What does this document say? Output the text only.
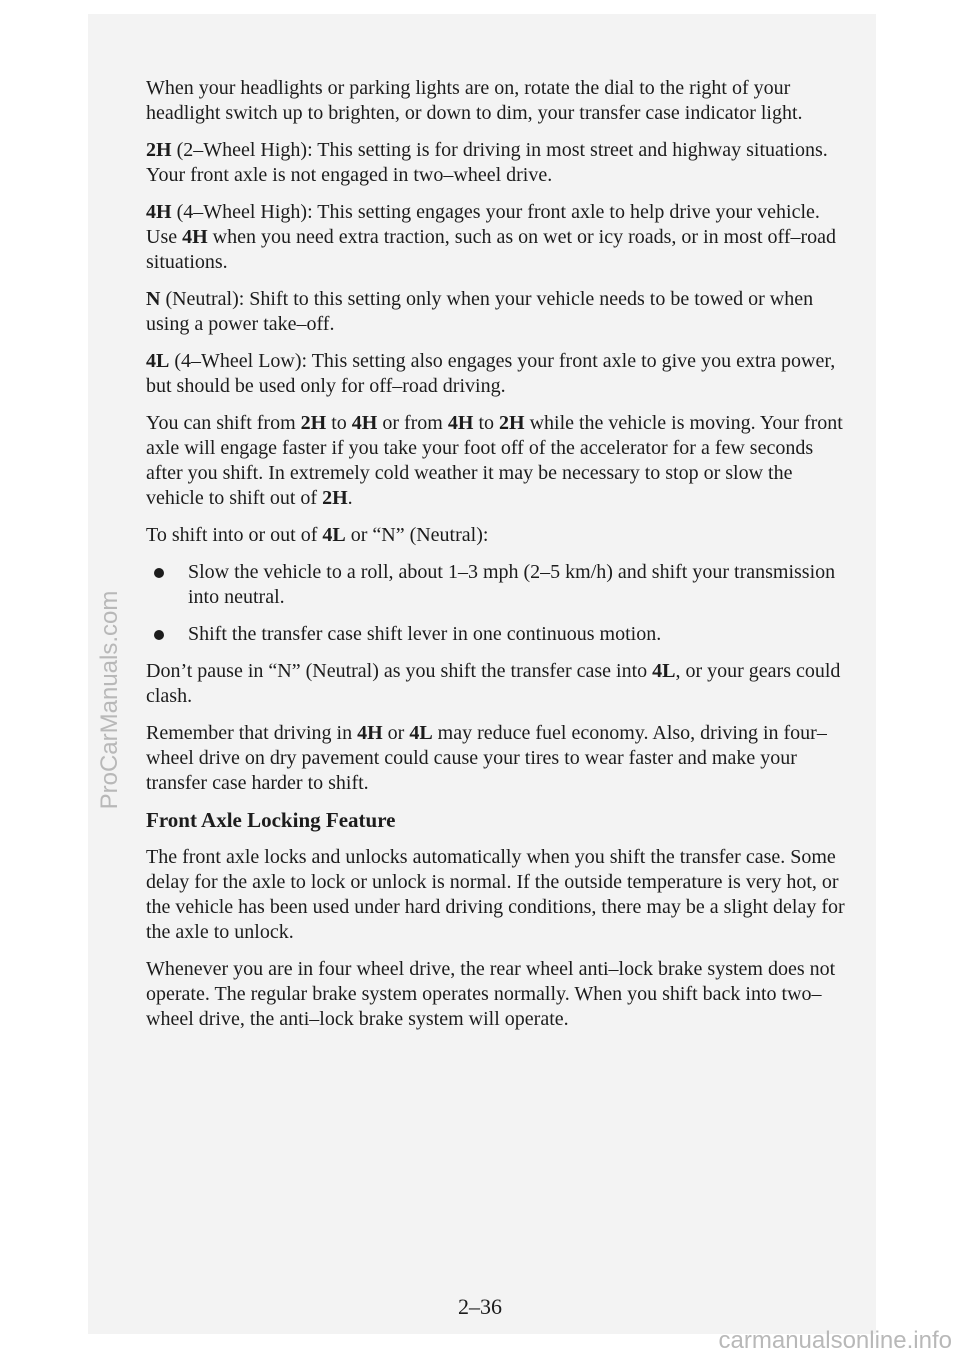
When your headlights or parking lights are on, rotate the dial to the right of your headlight switch up to brighten, or down to dim, your transfer case indicator light.

2H (2–Wheel High): This setting is for driving in most street and highway situations. Your front axle is not engaged in two–wheel drive.

4H (4–Wheel High): This setting engages your front axle to help drive your vehicle. Use 4H when you need extra traction, such as on wet or icy roads, or in most off–road situations.

N (Neutral): Shift to this setting only when your vehicle needs to be towed or when using a power take–off.

4L (4–Wheel Low): This setting also engages your front axle to give you extra power, but should be used only for off–road driving.

You can shift from 2H to 4H or from 4H to 2H while the vehicle is moving. Your front axle will engage faster if you take your foot off of the accelerator for a few seconds after you shift. In extremely cold weather it may be necessary to stop or slow the vehicle to shift out of 2H.

To shift into or out of 4L or “N” (Neutral):

Slow the vehicle to a roll, about 1–3 mph (2–5 km/h) and shift your transmission into neutral.
Shift the transfer case shift lever in one continuous motion.

Don’t pause in “N” (Neutral) as you shift the transfer case into 4L, or your gears could clash.

Remember that driving in 4H or 4L may reduce fuel economy. Also, driving in four–wheel drive on dry pavement could cause your tires to wear faster and make your transfer case harder to shift.

Front Axle Locking Feature

The front axle locks and unlocks automatically when you shift the transfer case. Some delay for the axle to lock or unlock is normal. If the outside temperature is very hot, or the vehicle has been used under hard driving conditions, there may be a slight delay for the axle to unlock.

Whenever you are in four wheel drive, the rear wheel anti–lock brake system does not operate. The regular brake system operates normally. When you shift back into two–wheel drive, the anti–lock brake system will operate.

2–36
ProCarManuals.com
carmanualsonline.info
